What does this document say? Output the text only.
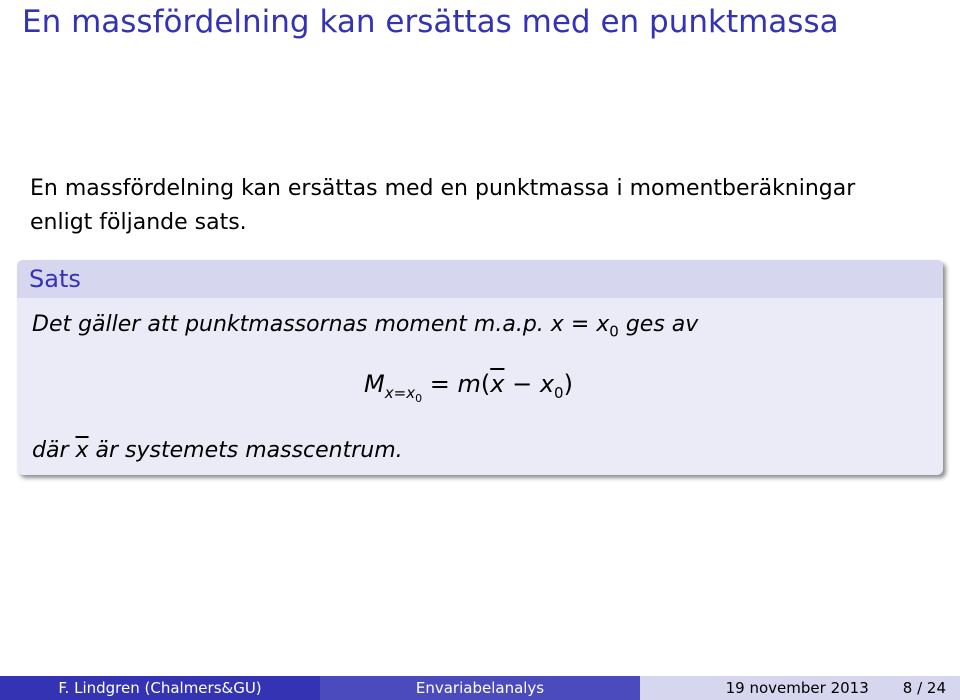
En massfördelning kan ersättas med en punktmassa
En massfördelning kan ersättas med en punktmassa i momentberäkningar
enligt följande sats.
Sats
Det gäller att punktmassornas moment m.a.p. $x = x_0$ ges av
$M_{x=x_0} = m(\overline{x} - x_0)$
där $\overline{x}$ är systemets masscentrum.
F. Lindgren (Chalmers&GU)	Envariabelanalys	19 november 2013 8 / 24
